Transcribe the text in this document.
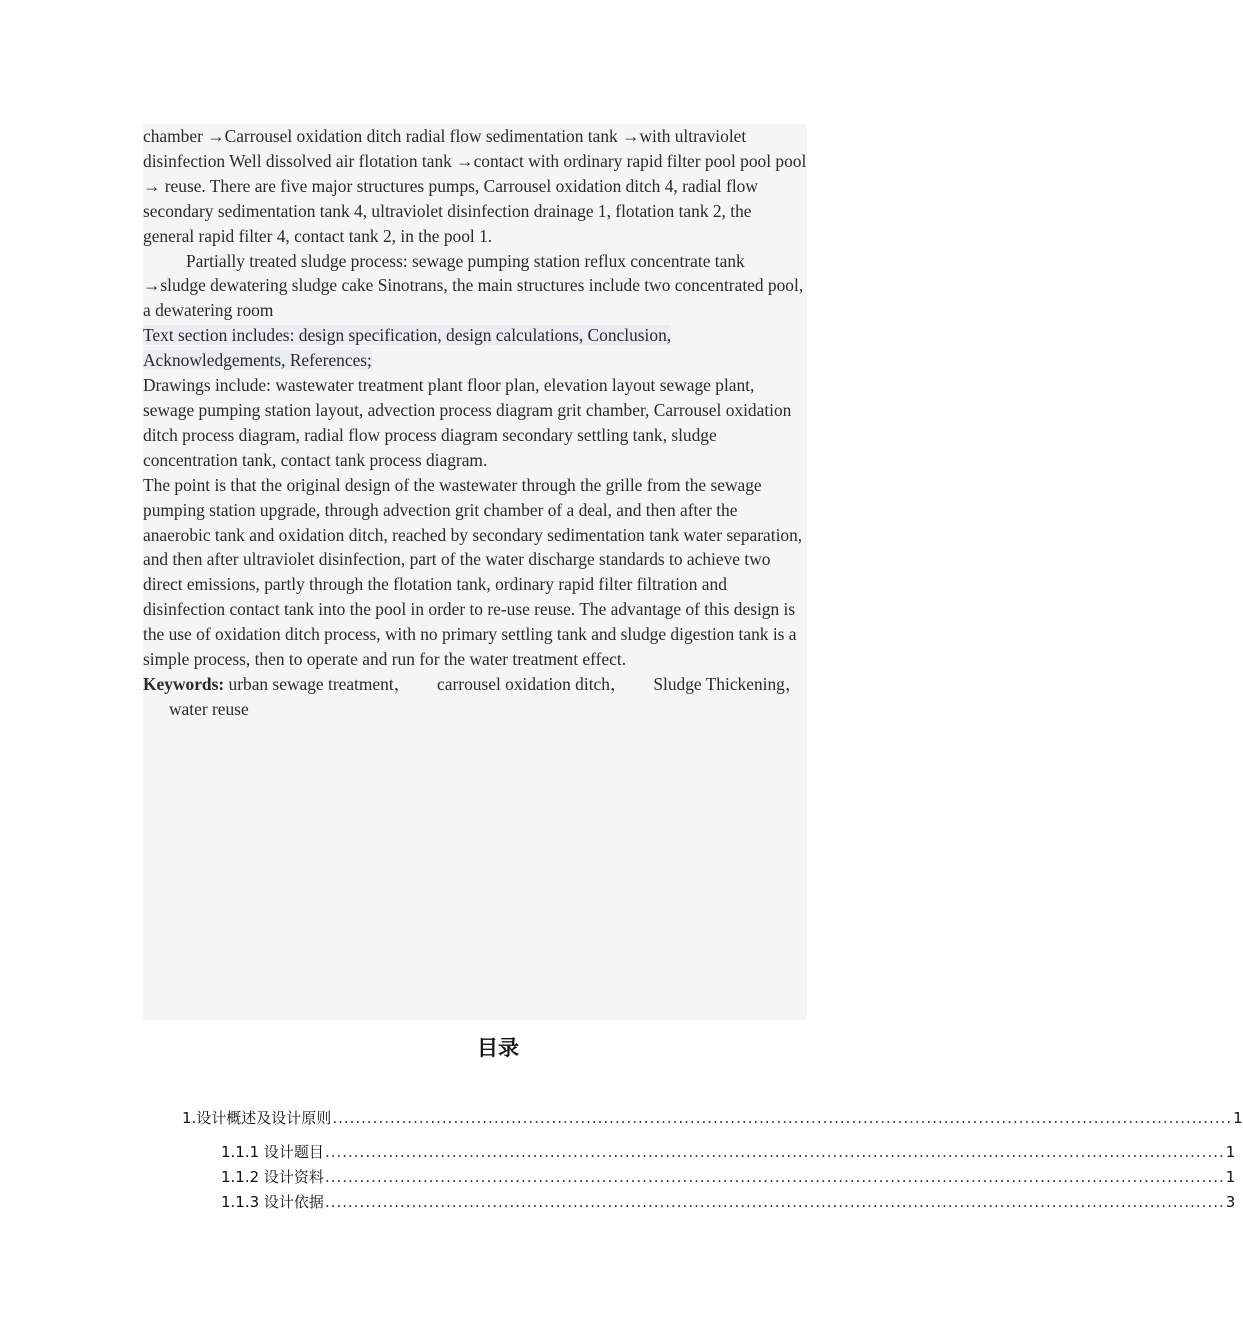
chamber →Carrousel oxidation ditch radial flow sedimentation tank →with ultraviolet disinfection Well dissolved air flotation tank →contact with ordinary rapid filter pool pool pool → reuse. There are five major structures pumps, Carrousel oxidation ditch 4, radial flow secondary sedimentation tank 4, ultraviolet disinfection drainage 1, flotation tank 2, the general rapid filter 4, contact tank 2, in the pool 1.

Partially treated sludge process: sewage pumping station reflux concentrate tank →sludge dewatering sludge cake Sinotrans, the main structures include two concentrated pool, a dewatering room

Text section includes: design specification, design calculations, Conclusion, Acknowledgements, References;

Drawings include: wastewater treatment plant floor plan, elevation layout sewage plant, sewage pumping station layout, advection process diagram grit chamber, Carrousel oxidation ditch process diagram, radial flow process diagram secondary settling tank, sludge concentration tank, contact tank process diagram.

The point is that the original design of the wastewater through the grille from the sewage pumping station upgrade, through advection grit chamber of a deal, and then after the anaerobic tank and oxidation ditch, reached by secondary sedimentation tank water separation, and then after ultraviolet disinfection, part of the water discharge standards to achieve two direct emissions, partly through the flotation tank, ordinary rapid filter filtration and disinfection contact tank into the pool in order to re-use reuse. The advantage of this design is the use of oxidation ditch process, with no primary settling tank and sludge digestion tank is a simple process, then to operate and run for the water treatment effect.

Keywords: urban sewage treatment， carrousel oxidation ditch， Sludge Thickening，water reuse

目录
1.设计概述及设计原则 ............................................................................................................................................................ 1
1.1.1 设计题目 ............................................................................................................................................................ 1
1.1.2 设计资料 ............................................................................................................................................................ 1
1.1.3 设计依据 ............................................................................................................................................................ 3
